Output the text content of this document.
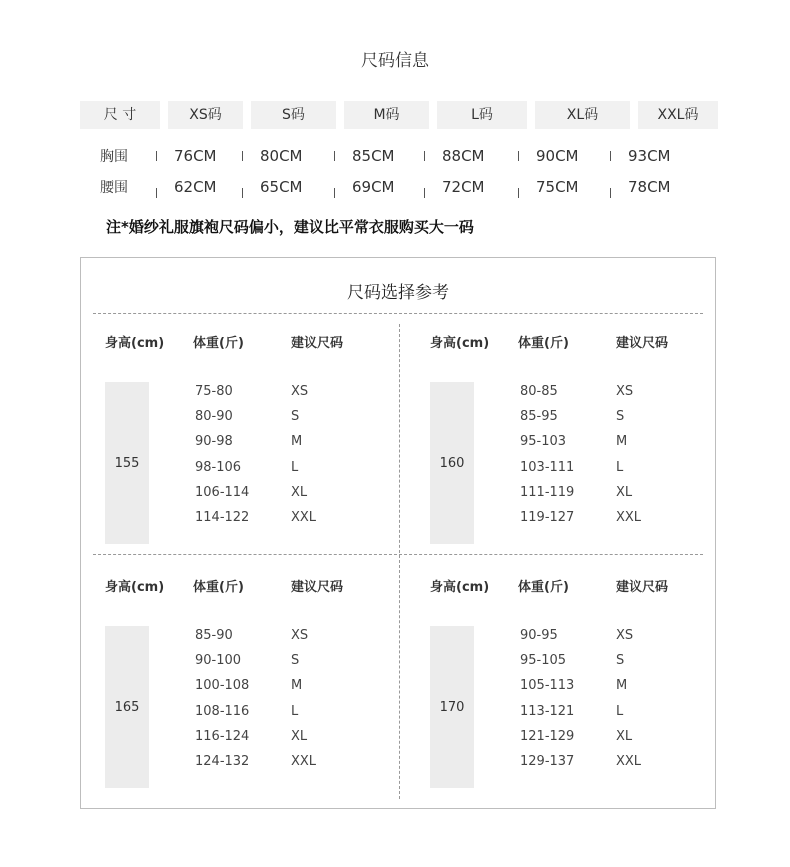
尺码信息
尺 寸	XS码	S码	M码	L码	XL码	XXL码
胸围	76CM	80CM	85CM	88CM	90CM	93CM
腰围	62CM	65CM	69CM	72CM	75CM	78CM
注*婚纱礼服旗袍尺码偏小，建议比平常衣服购买大一码
尺码选择参考
身高(cm) 体重(斤)	建议尺码
155
75-80	XS
80-90	S
90-98	M
98-106	L
106-114	XL
114-122	XXL
身高(cm) 体重(斤)	建议尺码
160
80-85	XS
85-95	S
95-103	M
103-111	L
111-119	XL
119-127	XXL
身高(cm) 体重(斤)	建议尺码
165
85-90	XS
90-100	S
100-108	M
108-116	L
116-124	XL
124-132	XXL
身高(cm) 体重(斤)	建议尺码
170
90-95	XS
95-105	S
105-113	M
113-121	L
121-129	XL
129-137	XXL
